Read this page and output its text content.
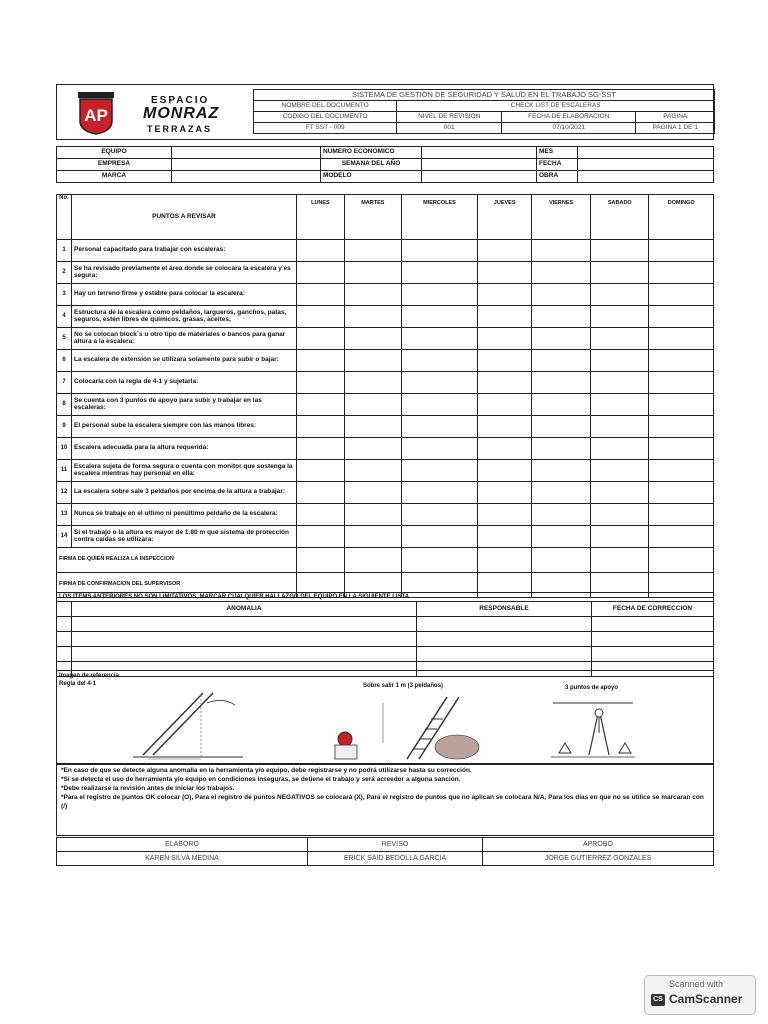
AP
ESPACIO
MONRAZ
TERRAZAS
SISTEMA DE GESTION DE SEGURIDAD Y SALUD EN EL TRABAJO SG-SST			
NOMBRE DEL DOCUMENTO	CHECK LIST DE ESCALERAS		
CODIGO DEL DOCUMENTO	NIVEL DE REVISION	FECHA DE ELABORACION	PAGINA
FT SST - 009	001	07/10/2021	PAGINA 1 DE 1
EQUIPO		NUMERO ECONOMICO		MES	
EMPRESA		SEMANA DEL AÑO		FECHA	
MARCA		MODELO		OBRA	
No.	PUNTOS A REVISAR	LUNES	MARTES	MIERCOLES	JUEVES	VIERNES	SABADO	DOMINGO
1	Personal capacitado para trabajar con escaleras:							
2	Se ha revisado previamente el área donde se colocara la escalera y es segura:							
3	Hay un terreno firme y estable para colocar la escalera:							
4	Estructura de la escalera como peldaños, largueros, ganchos, patas, seguros, estén libres de químicos, grasas, aceites,							
5	No se colocan block´s u otro tipo de materiales o bancos para ganar altura a la escalera:							
6	La escalera de extensión se utilizara solamente para subir o bajar:							
7	Colocarla con la regla de 4-1 y sujetarla:							
8	Se cuenta con 3 puntos de apoyo para subir y trabajar en las escaleras:							
9	El personal sube la escalera siempre con las manos libres:							
10	Escalera adecuada para la altura requerida:							
11	Escalera sujeta de forma segura o cuenta con monitor que sostenga la escalera mientras hay personal en ella:							
12	La escalera sobre sale 3 peldaños por encima de la altura a trabajar:							
13	Nunca se trabaje en el ultimo ni penúltimo peldaño de la escalera:							
14	Si el trabajo o la altura es mayor de 1.80 m que sistema de protección contra caídas se utilizara:							
FIRMA DE QUIEN REALIZA LA INSPECCION								
FIRMA DE CONFIRMACION DEL SUPERVISOR								
LOS ITEMS ANTERIORES NO SON LIMITATIVOS, MARCAR CUALQUIER HALLAZGO DEL EQUIPO EN LA SIGUIENTE LISTA			
	ANOMALIA	RESPONSABLE	FECHA DE CORRECCION

Imagen de referencia
Regla del 4-1	Sobre salir 1 m (3 peldaños)	3 puntos de apoyo

*En caso de que se detecte alguna anomalía en la herramienta y/o equipo, debe registrarse y no podrá utilizarse hasta su corrección.

*Si se detecta el uso de herramienta y/o equipo en condiciones inseguras, se detiene el trabajo y será acreedor a alguna sanción.

*Debe realizarse la revisión antes de iniciar los trabajos.

*Para el registro de puntos OK colocar (O), Para el registro de puntos NEGATIVOS se colocará (X), Para el registro de puntos que no aplican se colocara N/A, Para los días en que no se utilice se marcaran con (/)

ELABORO	REVISO	APROBO
KAREN SILVA MEDINA	ERICK SAID BEDOLLA GARCIA	JORGE GUTIERREZ GONZALES
Scanned with
CS CamScanner
